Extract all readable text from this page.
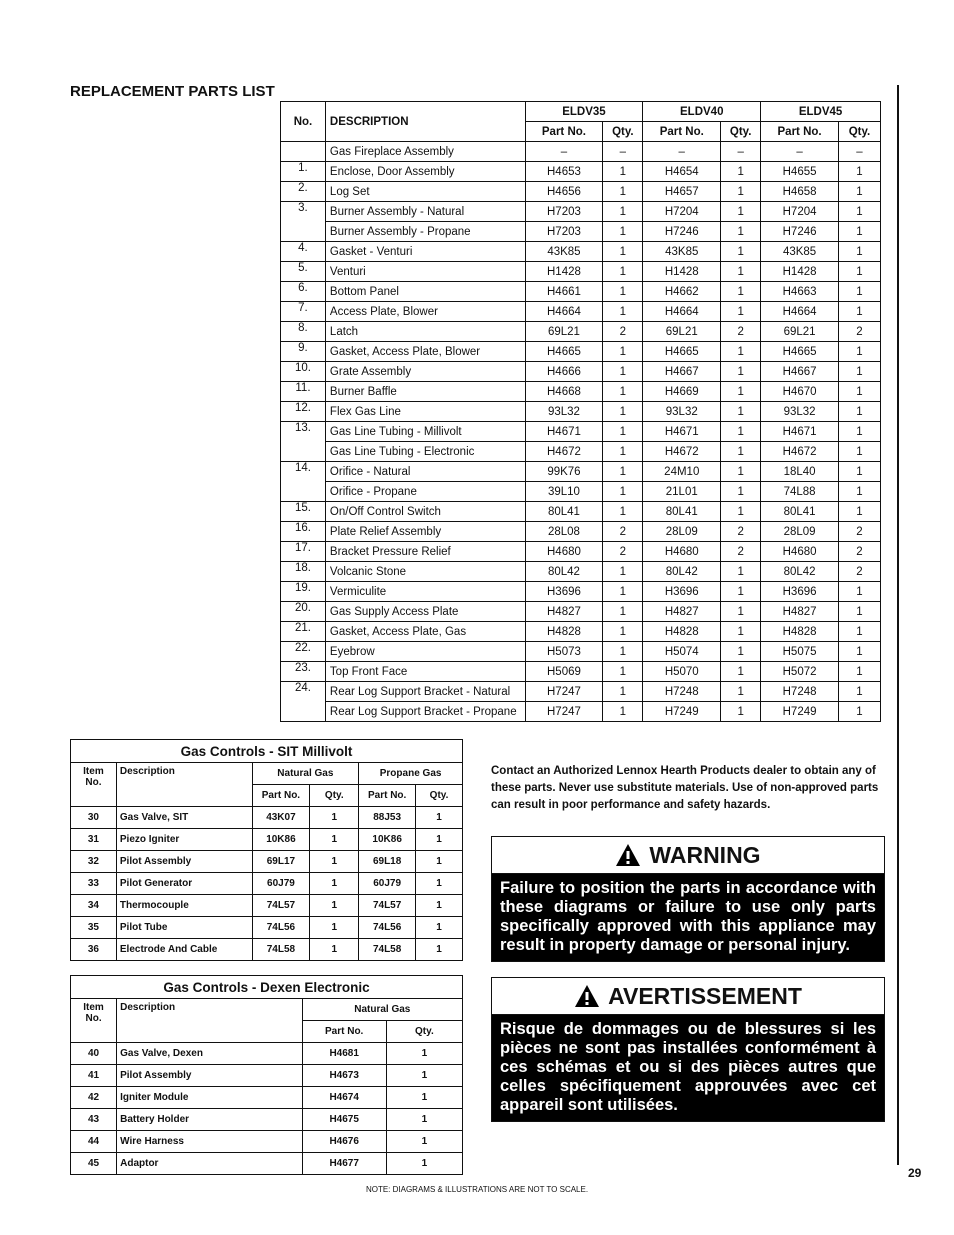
REPLACEMENT PARTS LIST
No.	DESCRIPTION	ELDV35		ELDV40		ELDV45	
		Part No.	Qty.	Part No.	Qty.	Part No.	Qty.
	Gas Fireplace Assembly	–	–	–	–	–	–
1.	Enclose, Door Assembly	H4653	1	H4654	1	H4655	1
2.	Log Set	H4656	1	H4657	1	H4658	1
3.	Burner Assembly - Natural	H7203	1	H7204	1	H7204	1
	Burner Assembly - Propane	H7203	1	H7246	1	H7246	1
4.	Gasket - Venturi	43K85	1	43K85	1	43K85	1
5.	Venturi	H1428	1	H1428	1	H1428	1
6.	Bottom Panel	H4661	1	H4662	1	H4663	1
7.	Access Plate, Blower	H4664	1	H4664	1	H4664	1
8.	Latch	69L21	2	69L21	2	69L21	2
9.	Gasket, Access Plate, Blower	H4665	1	H4665	1	H4665	1
10.	Grate Assembly	H4666	1	H4667	1	H4667	1
11.	Burner Baffle	H4668	1	H4669	1	H4670	1
12.	Flex Gas Line	93L32	1	93L32	1	93L32	1
13.	Gas Line Tubing - Millivolt	H4671	1	H4671	1	H4671	1
	Gas Line Tubing - Electronic	H4672	1	H4672	1	H4672	1
14.	Orifice - Natural	99K76	1	24M10	1	18L40	1
	Orifice - Propane	39L10	1	21L01	1	74L88	1
15.	On/Off Control Switch	80L41	1	80L41	1	80L41	1
16.	Plate Relief Assembly	28L08	2	28L09	2	28L09	2
17.	Bracket Pressure Relief	H4680	2	H4680	2	H4680	2
18.	Volcanic Stone	80L42	1	80L42	1	80L42	2
19.	Vermiculite	H3696	1	H3696	1	H3696	1
20.	Gas Supply Access Plate	H4827	1	H4827	1	H4827	1
21.	Gasket, Access Plate, Gas	H4828	1	H4828	1	H4828	1
22.	Eyebrow	H5073	1	H5074	1	H5075	1
23.	Top Front Face	H5069	1	H5070	1	H5072	1
24.	Rear Log Support Bracket - Natural	H7247	1	H7248	1	H7248	1
	Rear Log Support Bracket - Propane	H7247	1	H7249	1	H7249	1
Gas Controls - SIT Millivolt					
Item No.	Description	Natural Gas		Propane Gas	
		Part No.	Qty.	Part No.	Qty.
30	Gas Valve, SIT	43K07	1	88J53	1
31	Piezo Igniter	10K86	1	10K86	1
32	Pilot Assembly	69L17	1	69L18	1
33	Pilot Generator	60J79	1	60J79	1
34	Thermocouple	74L57	1	74L57	1
35	Pilot Tube	74L56	1	74L56	1
36	Electrode And Cable	74L58	1	74L58	1
Gas Controls - Dexen Electronic			
Item No.	Description	Natural Gas	
		Part No.	Qty.
40	Gas Valve, Dexen	H4681	1
41	Pilot Assembly	H4673	1
42	Igniter Module	H4674	1
43	Battery Holder	H4675	1
44	Wire Harness	H4676	1
45	Adaptor	H4677	1
Contact an Authorized Lennox Hearth Products dealer to obtain any of these parts. Never use substitute materials. Use of non-approved parts can result in poor performance and safety hazards.
WARNING
Failure to position the parts in accordance with these diagrams or failure to use only parts specifically approved with this appliance may result in property damage or personal injury.
AVERTISSEMENT
Risque de dommages ou de blessures si les pièces ne sont pas installées conformément à ces schémas et ou si des pièces autres que celles spécifiquement approuvées avec cet appareil sont utilisées.
29
NOTE: DIAGRAMS & ILLUSTRATIONS ARE NOT TO SCALE.
